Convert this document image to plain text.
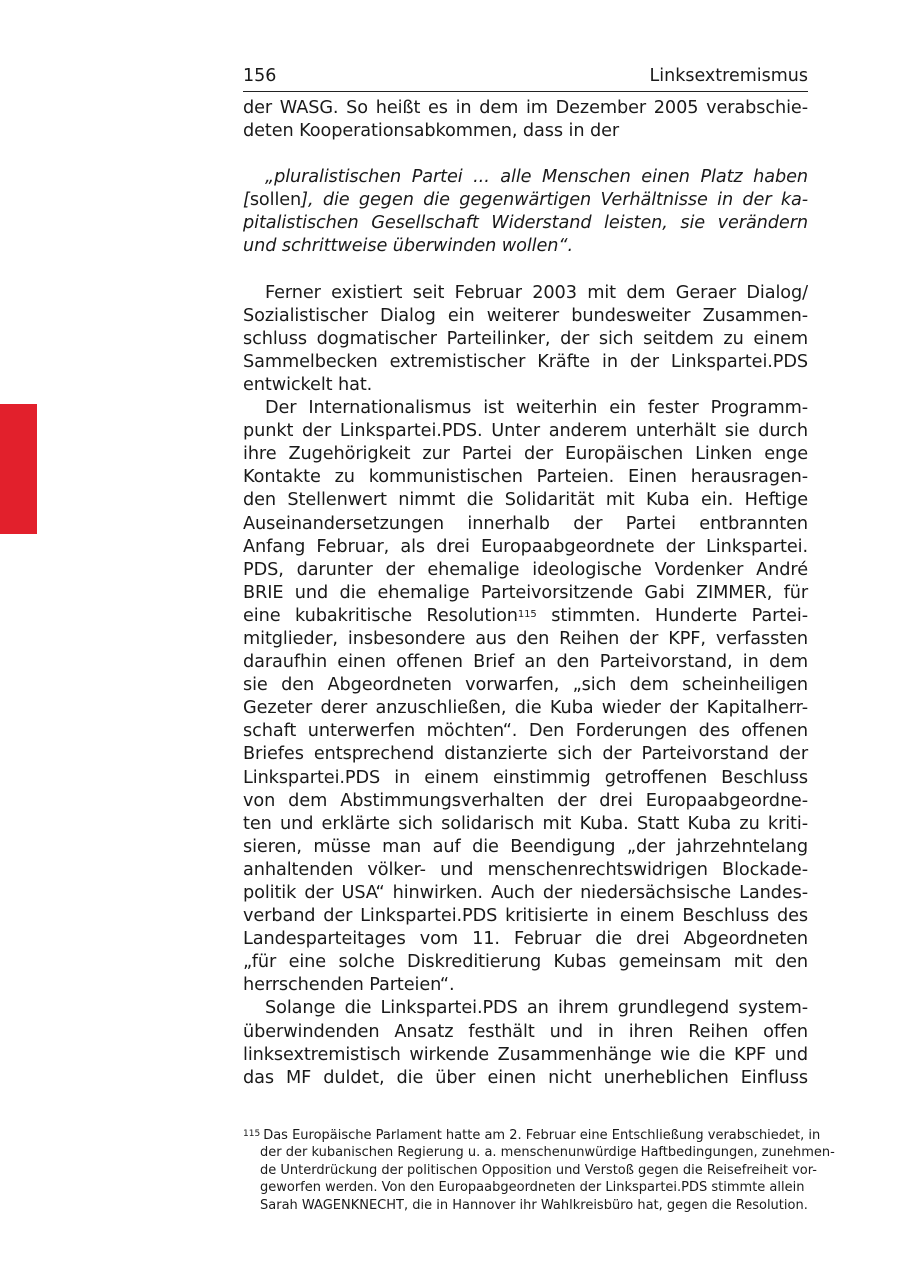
156	Linksextremismus
der WASG. So heißt es in dem im Dezember 2005 verabschie-
deten Kooperationsabkommen, dass in der
„pluralistischen Partei ... alle Menschen einen Platz haben
[sollen], die gegen die gegenwärtigen Verhältnisse in der ka-
pitalistischen Gesellschaft Widerstand leisten, sie verändern
und schrittweise überwinden wollen“.
Ferner existiert seit Februar 2003 mit dem Geraer Dialog/
Sozialistischer Dialog ein weiterer bundesweiter Zusammen-
schluss dogmatischer Parteilinker, der sich seitdem zu einem
Sammelbecken extremistischer Kräfte in der Linkspartei.PDS
entwickelt hat.
Der Internationalismus ist weiterhin ein fester Programm-
punkt der Linkspartei.PDS. Unter anderem unterhält sie durch
ihre Zugehörigkeit zur Partei der Europäischen Linken enge
Kontakte zu kommunistischen Parteien. Einen herausragen-
den Stellenwert nimmt die Solidarität mit Kuba ein. Heftige
Auseinandersetzungen innerhalb der Partei entbrannten
Anfang Februar, als drei Europaabgeordnete der Linkspartei.
PDS, darunter der ehemalige ideologische Vordenker André
BRIE und die ehemalige Parteivorsitzende Gabi ZIMMER, für
eine kubakritische Resolution$^{115}$ stimmten. Hunderte Partei-
mitglieder, insbesondere aus den Reihen der KPF, verfassten
daraufhin einen offenen Brief an den Parteivorstand, in dem
sie den Abgeordneten vorwarfen, „sich dem scheinheiligen
Gezeter derer anzuschließen, die Kuba wieder der Kapitalherr-
schaft unterwerfen möchten“. Den Forderungen des offenen
Briefes entsprechend distanzierte sich der Parteivorstand der
Linkspartei.PDS in einem einstimmig getroffenen Beschluss
von dem Abstimmungsverhalten der drei Europaabgeordne-
ten und erklärte sich solidarisch mit Kuba. Statt Kuba zu kriti-
sieren, müsse man auf die Beendigung „der jahrzehntelang
anhaltenden völker- und menschenrechtswidrigen Blockade-
politik der USA“ hinwirken. Auch der niedersächsische Landes-
verband der Linkspartei.PDS kritisierte in einem Beschluss des
Landesparteitages vom 11. Februar die drei Abgeordneten
„für eine solche Diskreditierung Kubas gemeinsam mit den
herrschenden Parteien“.
Solange die Linkspartei.PDS an ihrem grundlegend system-
überwindenden Ansatz festhält und in ihren Reihen offen
linksextremistisch wirkende Zusammenhänge wie die KPF und
das MF duldet, die über einen nicht unerheblichen Einfluss
$^{115}$ Das Europäische Parlament hatte am 2. Februar eine Entschließung verabschiedet, in
der der kubanischen Regierung u. a. menschenunwürdige Haftbedingungen, zunehmen-
de Unterdrückung der politischen Opposition und Verstoß gegen die Reisefreiheit vor-
geworfen werden. Von den Europaabgeordneten der Linkspartei.PDS stimmte allein
Sarah WAGENKNECHT, die in Hannover ihr Wahlkreisbüro hat, gegen die Resolution.
